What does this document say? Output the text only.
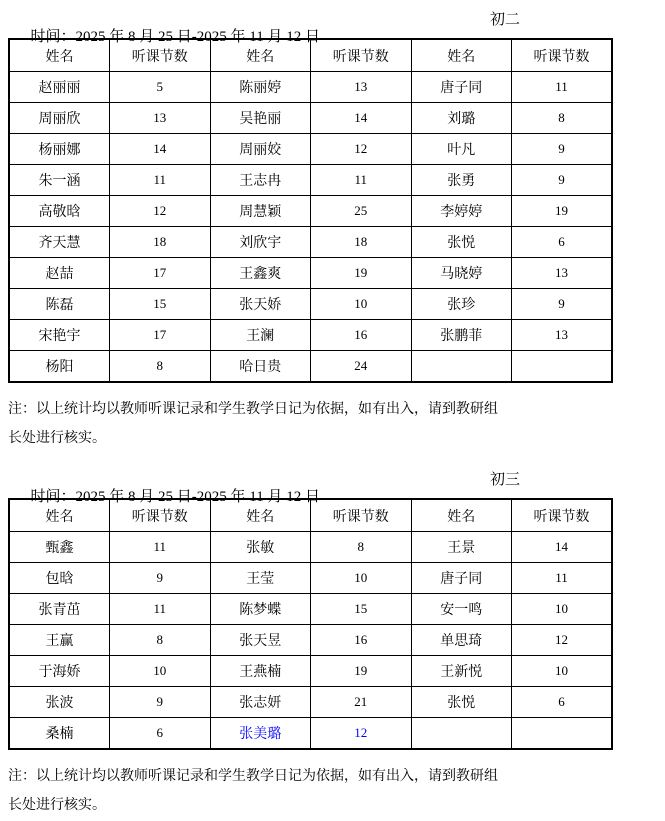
时间：2025 年 8 月 25 日-2025 年 11 月 12 日

初二

姓名	听课节数	姓名	听课节数	姓名	听课节数
赵丽丽	5	陈丽婷	13	唐子同	11
周丽欣	13	吴艳丽	14	刘璐	8
杨丽娜	14	周丽姣	12	叶凡	9
朱一涵	11	王志冉	11	张勇	9
高敬晗	12	周慧颖	25	李婷婷	19
齐天慧	18	刘欣宇	18	张悦	6
赵喆	17	王鑫爽	19	马晓婷	13
陈磊	15	张天娇	10	张珍	9
宋艳宇	17	王澜	16	张鹏菲	13
杨阳	8	哈日贵	24		

注：以上统计均以教师听课记录和学生教学日记为依据，如有出入，请到教研组
长处进行核实。

时间：2025 年 8 月 25 日-2025 年 11 月 12 日

初三

姓名	听课节数	姓名	听课节数	姓名	听课节数
甄鑫	11	张敏	8	王景	14
包晗	9	王莹	10	唐子同	11
张青茁	11	陈梦蝶	15	安一鸣	10
王赢	8	张天昱	16	单思琦	12
于海娇	10	王燕楠	19	王新悦	10
张波	9	张志妍	21	张悦	6
桑楠	6	张美璐	12		

注：以上统计均以教师听课记录和学生教学日记为依据，如有出入，请到教研组
长处进行核实。
